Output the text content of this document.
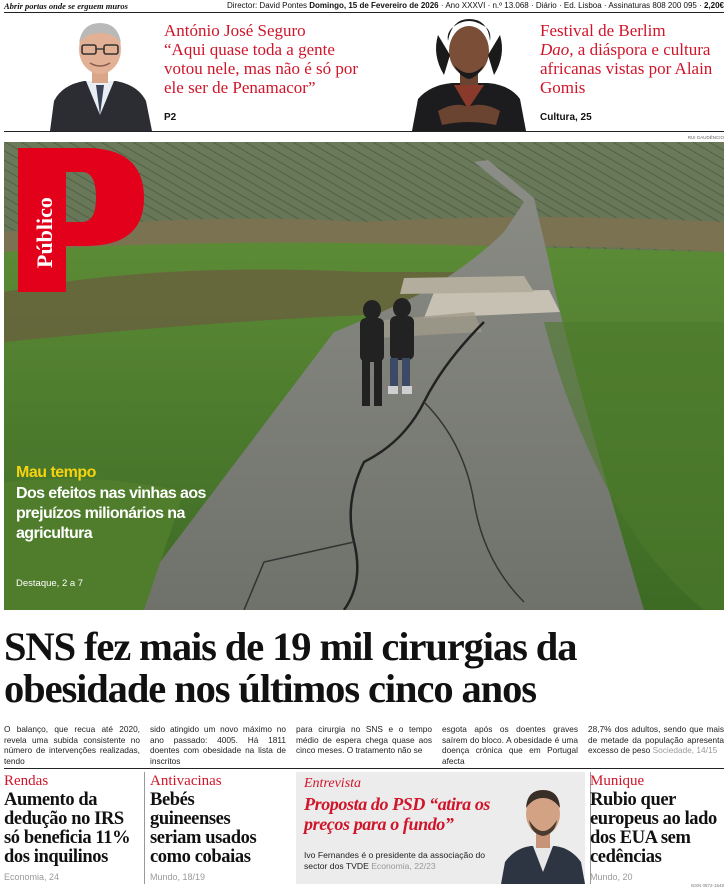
Abrir portas onde se erguem muros	Director: David Pontes Domingo, 15 de Fevereiro de 2026 · Ano XXXVI · n.º 13.068 · Diário · Ed. Lisboa · Assinaturas 808 200 095 · 2,20€
António José Seguro
“Aqui quase toda a gente votou nele, mas não é só por ele ser de Penamacor”
P2
Festival de Berlim
Dao, a diáspora e cultura africanas vistas por Alain Gomis
Cultura, 25
RUI GAUDÊNCIO
Público
Mau tempo
Dos efeitos nas vinhas aos prejuízos milionários na agricultura
Destaque, 2 a 7
SNS fez mais de 19 mil cirurgias da obesidade nos últimos cinco anos
O balanço, que recua até 2020, revela uma subida consistente no número de intervenções realizadas, tendo
sido atingido um novo máximo no ano passado: 4005. Há 1811 doentes com obesidade na lista de inscritos
para cirurgia no SNS e o tempo médio de espera chega quase aos cinco meses. O tratamento não se
esgota após os doentes graves saírem do bloco. A obesidade é uma doença crónica que em Portugal afecta
28,7% dos adultos, sendo que mais de metade da população apresenta excesso de peso Sociedade, 14/15
Rendas
Aumento da dedução no IRS só beneficia 11% dos inquilinos
Economia, 24
Antivacinas
Bebés guineenses seriam usados como cobaias
Mundo, 18/19
Entrevista
Proposta do PSD “atira os preços para o fundo”
Ivo Fernandes é o presidente da associação do sector dos TVDE Economia, 22/23
Munique
Rubio quer europeus ao lado dos EUA sem cedências
Mundo, 20
ISSN 0872-1548
